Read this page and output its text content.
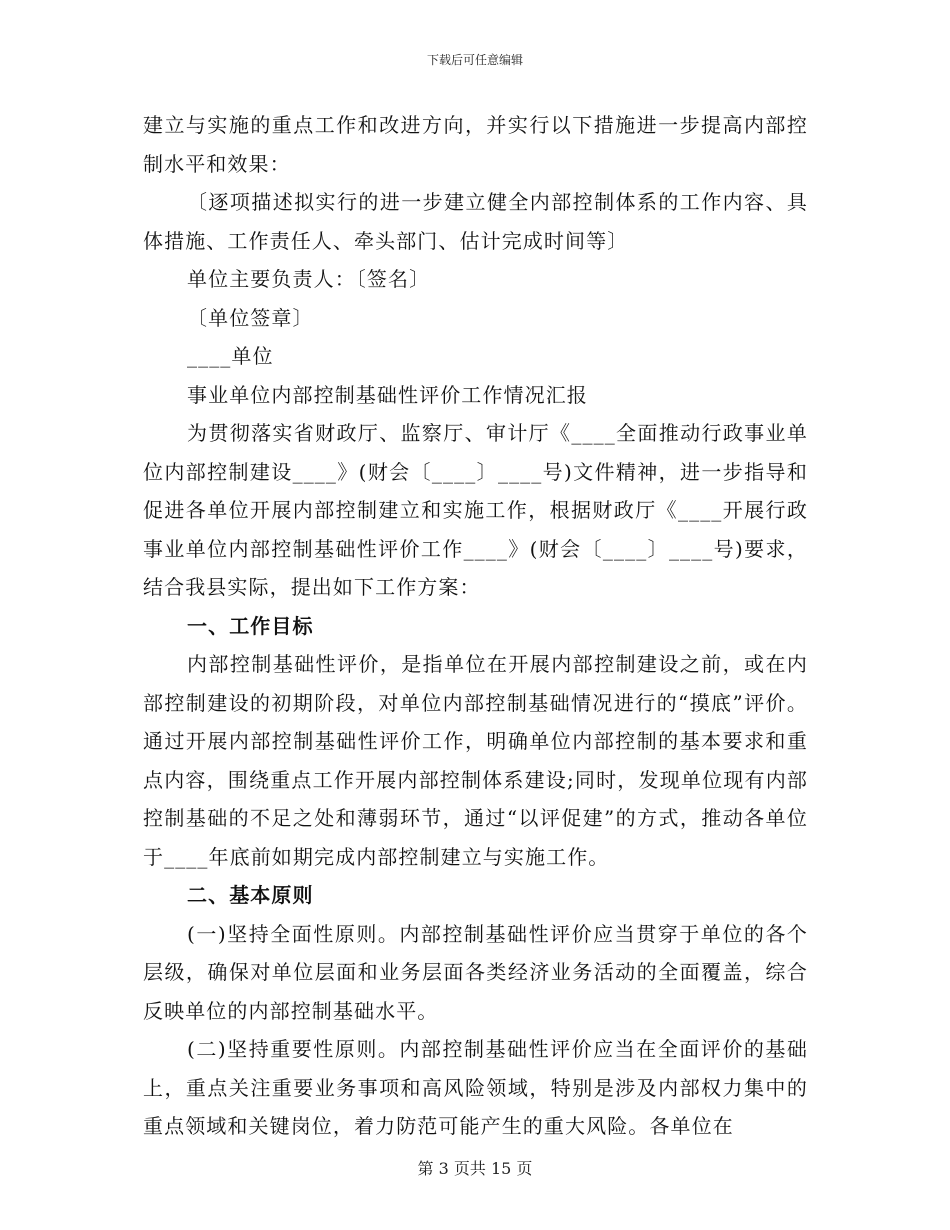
下载后可任意编辑

建立与实施的重点工作和改进方向，并实行以下措施进一步提高内部控制水平和效果：

〔逐项描述拟实行的进一步建立健全内部控制体系的工作内容、具体措施、工作责任人、牵头部门、估计完成时间等〕

单位主要负责人：〔签名〕

〔单位签章〕

____单位

事业单位内部控制基础性评价工作情况汇报

为贯彻落实省财政厅、监察厅、审计厅《____全面推动行政事业单位内部控制建设____》(财会〔____〕____号)文件精神，进一步指导和促进各单位开展内部控制建立和实施工作，根据财政厅《____开展行政事业单位内部控制基础性评价工作____》(财会〔____〕____号)要求，结合我县实际，提出如下工作方案：

一、工作目标

内部控制基础性评价，是指单位在开展内部控制建设之前，或在内部控制建设的初期阶段，对单位内部控制基础情况进行的“摸底”评价。通过开展内部控制基础性评价工作，明确单位内部控制的基本要求和重点内容，围绕重点工作开展内部控制体系建设;同时，发现单位现有内部控制基础的不足之处和薄弱环节，通过“以评促建”的方式，推动各单位于____年底前如期完成内部控制建立与实施工作。

二、基本原则

(一)坚持全面性原则。内部控制基础性评价应当贯穿于单位的各个层级，确保对单位层面和业务层面各类经济业务活动的全面覆盖，综合反映单位的内部控制基础水平。

(二)坚持重要性原则。内部控制基础性评价应当在全面评价的基础上，重点关注重要业务事项和高风险领域，特别是涉及内部权力集中的重点领域和关键岗位，着力防范可能产生的重大风险。各单位在

第 3 页共 15 页
